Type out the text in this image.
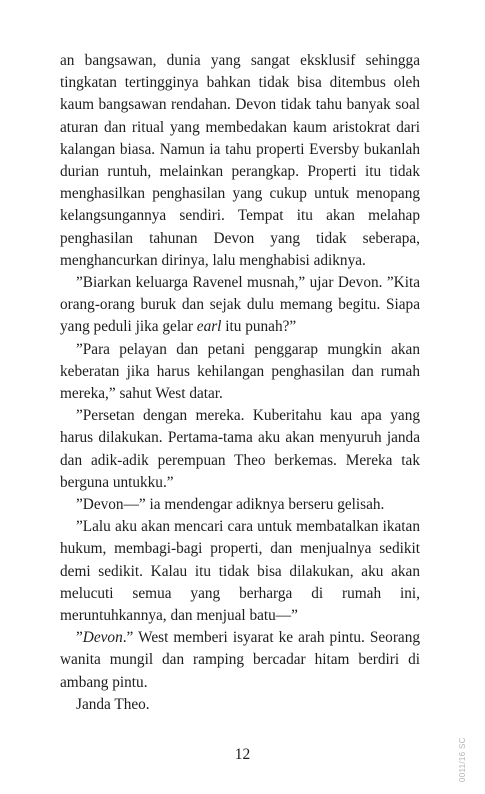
an bangsawan, dunia yang sangat eksklusif sehingga tingkatan tertingginya bahkan tidak bisa ditembus oleh kaum bangsawan rendahan. Devon tidak tahu banyak soal aturan dan ritual yang membedakan kaum aristokrat dari kalangan biasa. Namun ia tahu properti Eversby bukanlah durian runtuh, melainkan perangkap. Properti itu tidak menghasilkan penghasilan yang cukup untuk menopang kelangsungannya sendiri. Tempat itu akan melahap penghasilan tahunan Devon yang tidak seberapa, menghancurkan dirinya, lalu menghabisi adiknya.

”Biarkan keluarga Ravenel musnah,” ujar Devon. ”Kita orang-orang buruk dan sejak dulu memang begitu. Siapa yang peduli jika gelar earl itu punah?”

”Para pelayan dan petani penggarap mungkin akan keberatan jika harus kehilangan penghasilan dan rumah mereka,” sahut West datar.

”Persetan dengan mereka. Kuberitahu kau apa yang harus dilakukan. Pertama-tama aku akan menyuruh janda dan adik-adik perempuan Theo berkemas. Mereka tak berguna untukku.”

”Devon—” ia mendengar adiknya berseru gelisah.

”Lalu aku akan mencari cara untuk membatalkan ikatan hukum, membagi-bagi properti, dan menjualnya sedikit demi sedikit. Kalau itu tidak bisa dilakukan, aku akan melucuti semua yang berharga di rumah ini, meruntuhkannya, dan menjual batu—”

”Devon.” West memberi isyarat ke arah pintu. Seorang wanita mungil dan ramping bercadar hitam berdiri di ambang pintu.

Janda Theo.

12	0011/16 SC
